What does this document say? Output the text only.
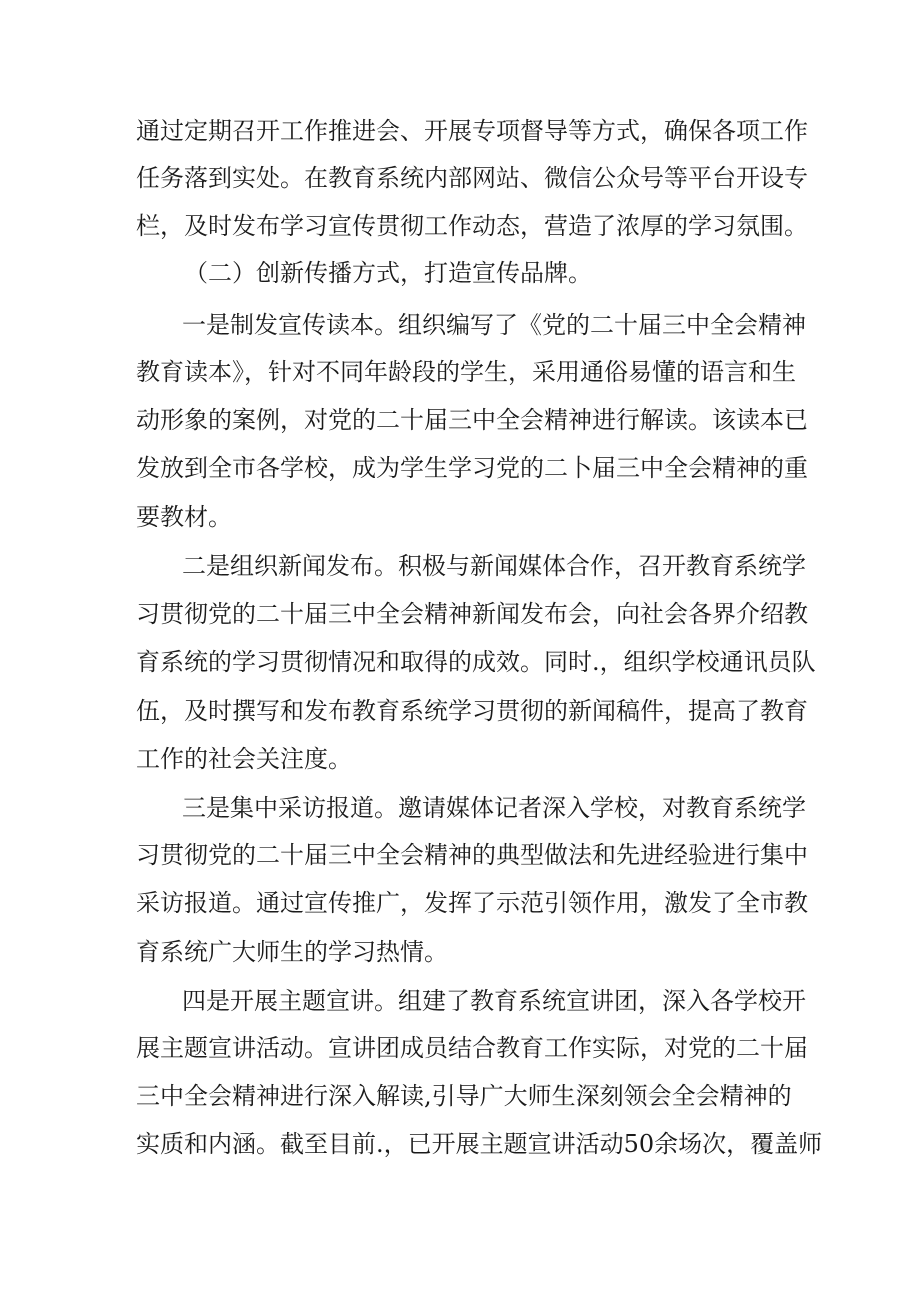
通过定期召开工作推进会、开展专项督导等方式，确保各项工作

任务落到实处。在教育系统内部网站、微信公众号等平台开设专

栏，及时发布学习宣传贯彻工作动态，营造了浓厚的学习氛围。

（二）创新传播方式，打造宣传品牌。

一是制发宣传读本。组织编写了《党的二十届三中全会精神

教育读本》，针对不同年龄段的学生，采用通俗易懂的语言和生

动形象的案例，对党的二十届三中全会精神进行解读。该读本已

发放到全市各学校，成为学生学习党的二卜届三中全会精神的重

要教材。

二是组织新闻发布。积极与新闻媒体合作，召开教育系统学

习贯彻党的二十届三中全会精神新闻发布会，向社会各界介绍教

育系统的学习贯彻情况和取得的成效。同时.，组织学校通讯员队

伍，及时撰写和发布教育系统学习贯彻的新闻稿件，提高了教育

工作的社会关注度。

三是集中采访报道。邀请媒体记者深入学校，对教育系统学

习贯彻党的二十届三中全会精神的典型做法和先进经验进行集中

采访报道。通过宣传推广，发挥了示范引领作用，激发了全市教

育系统广大师生的学习热情。

四是开展主题宣讲。组建了教育系统宣讲团，深入各学校开

展主题宣讲活动。宣讲团成员结合教育工作实际，对党的二十届

三中全会精神进行深入解读,引导广大师生深刻领会全会精神的

实质和内涵。截至目前.，已开展主题宣讲活动50余场次，覆盖师
